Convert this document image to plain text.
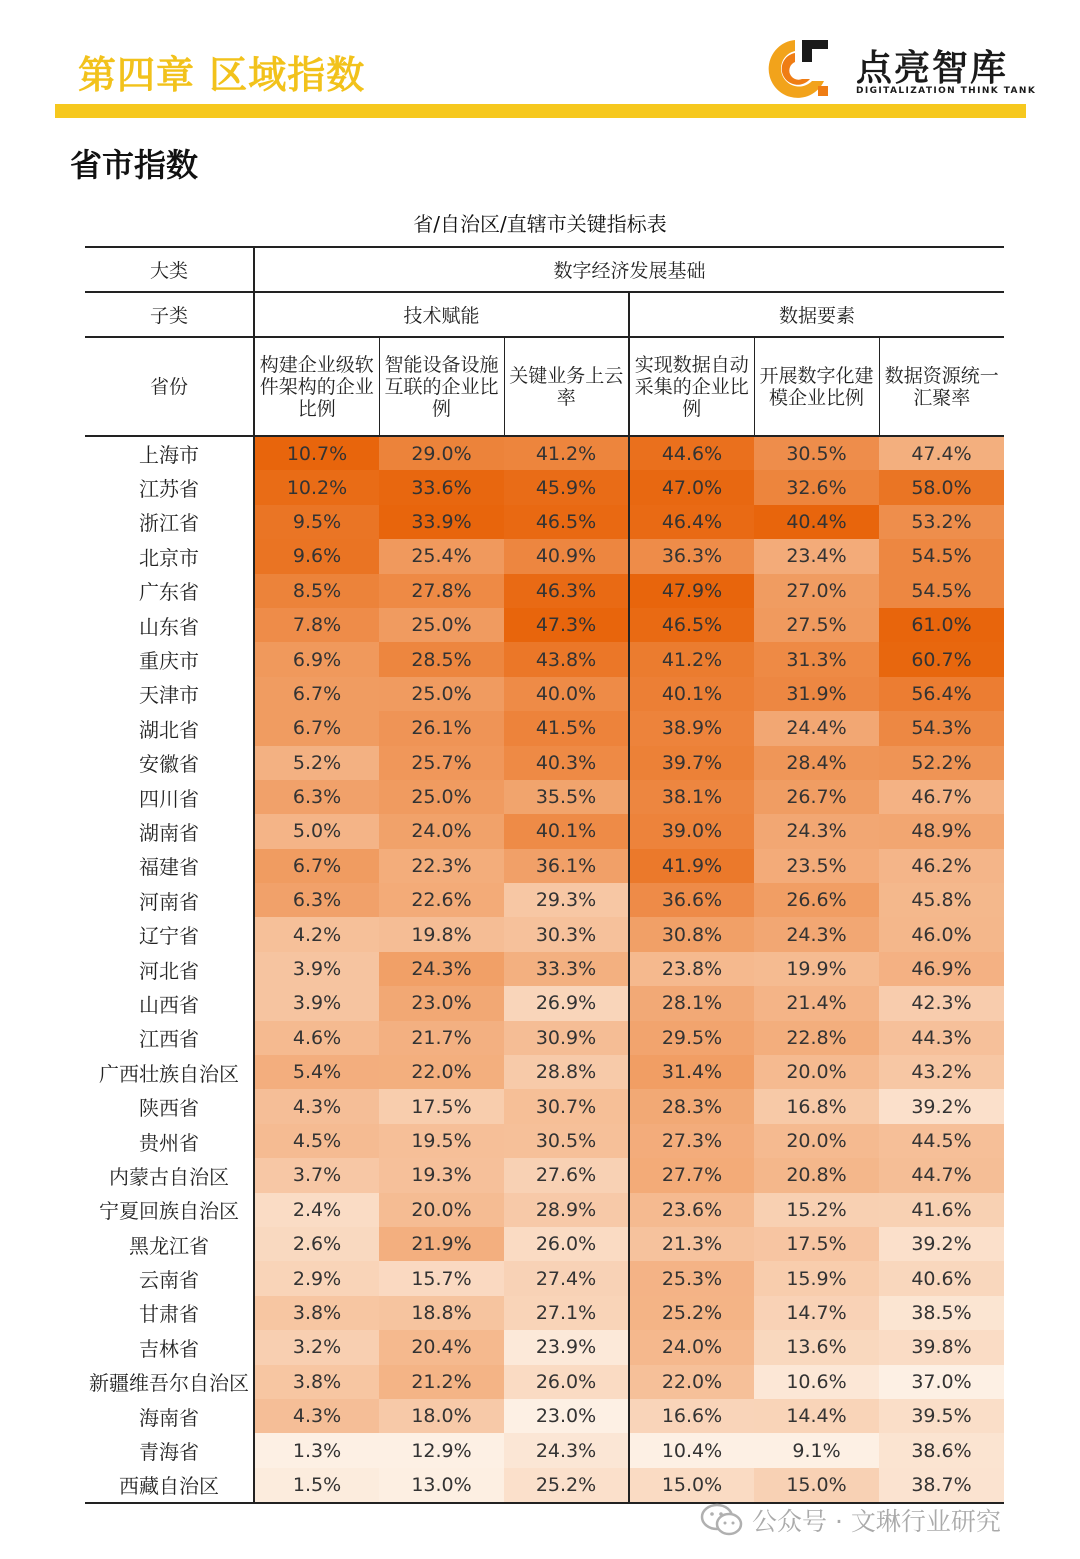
第四章 区域指数	点亮智库
DIGITALIZATION THINK TANK
省市指数
省/自治区/直辖市关键指标表
大类	数字经济发展基础					
子类	技术赋能			数据要素		
省份	构建企业级软件架构的企业比例	智能设备设施互联的企业比例	关键业务上云率	实现数据自动采集的企业比例	开展数字化建模企业比例	数据资源统一汇聚率
上海市	10.7%	29.0%	41.2%	44.6%	30.5%	47.4%
江苏省	10.2%	33.6%	45.9%	47.0%	32.6%	58.0%
浙江省	9.5%	33.9%	46.5%	46.4%	40.4%	53.2%
北京市	9.6%	25.4%	40.9%	36.3%	23.4%	54.5%
广东省	8.5%	27.8%	46.3%	47.9%	27.0%	54.5%
山东省	7.8%	25.0%	47.3%	46.5%	27.5%	61.0%
重庆市	6.9%	28.5%	43.8%	41.2%	31.3%	60.7%
天津市	6.7%	25.0%	40.0%	40.1%	31.9%	56.4%
湖北省	6.7%	26.1%	41.5%	38.9%	24.4%	54.3%
安徽省	5.2%	25.7%	40.3%	39.7%	28.4%	52.2%
四川省	6.3%	25.0%	35.5%	38.1%	26.7%	46.7%
湖南省	5.0%	24.0%	40.1%	39.0%	24.3%	48.9%
福建省	6.7%	22.3%	36.1%	41.9%	23.5%	46.2%
河南省	6.3%	22.6%	29.3%	36.6%	26.6%	45.8%
辽宁省	4.2%	19.8%	30.3%	30.8%	24.3%	46.0%
河北省	3.9%	24.3%	33.3%	23.8%	19.9%	46.9%
山西省	3.9%	23.0%	26.9%	28.1%	21.4%	42.3%
江西省	4.6%	21.7%	30.9%	29.5%	22.8%	44.3%
广西壮族自治区	5.4%	22.0%	28.8%	31.4%	20.0%	43.2%
陕西省	4.3%	17.5%	30.7%	28.3%	16.8%	39.2%
贵州省	4.5%	19.5%	30.5%	27.3%	20.0%	44.5%
内蒙古自治区	3.7%	19.3%	27.6%	27.7%	20.8%	44.7%
宁夏回族自治区	2.4%	20.0%	28.9%	23.6%	15.2%	41.6%
黑龙江省	2.6%	21.9%	26.0%	21.3%	17.5%	39.2%
云南省	2.9%	15.7%	27.4%	25.3%	15.9%	40.6%
甘肃省	3.8%	18.8%	27.1%	25.2%	14.7%	38.5%
吉林省	3.2%	20.4%	23.9%	24.0%	13.6%	39.8%
新疆维吾尔自治区	3.8%	21.2%	26.0%	22.0%	10.6%	37.0%
海南省	4.3%	18.0%	23.0%	16.6%	14.4%	39.5%
青海省	1.3%	12.9%	24.3%	10.4%	9.1%	38.6%
西藏自治区	1.5%	13.0%	25.2%	15.0%	15.0%	38.7%
公众号 · 文琳行业研究
